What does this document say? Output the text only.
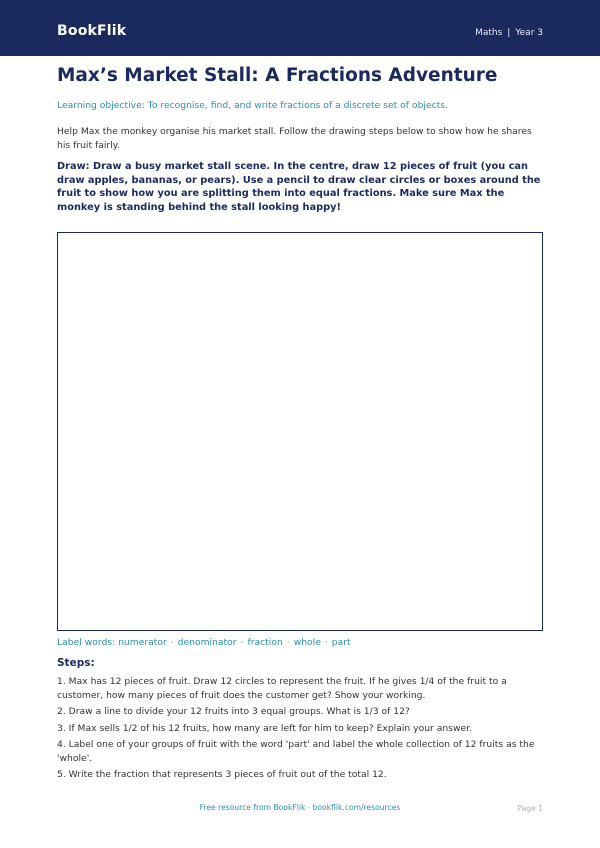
BookFlik	Maths | Year 3
Max’s Market Stall: A Fractions Adventure
Learning objective: To recognise, find, and write fractions of a discrete set of objects.
Help Max the monkey organise his market stall. Follow the drawing steps below to show how he shares his fruit fairly.
Draw: Draw a busy market stall scene. In the centre, draw 12 pieces of fruit (you can draw apples, bananas, or pears). Use a pencil to draw clear circles or boxes around the fruit to show how you are splitting them into equal fractions. Make sure Max the monkey is standing behind the stall looking happy!
Label words: numerator · denominator · fraction · whole · part
Steps:
1. Max has 12 pieces of fruit. Draw 12 circles to represent the fruit. If he gives 1/4 of the fruit to a customer, how many pieces of fruit does the customer get? Show your working.
2. Draw a line to divide your 12 fruits into 3 equal groups. What is 1/3 of 12?
3. If Max sells 1/2 of his 12 fruits, how many are left for him to keep? Explain your answer.
4. Label one of your groups of fruit with the word 'part' and label the whole collection of 12 fruits as the 'whole'.
5. Write the fraction that represents 3 pieces of fruit out of the total 12.
Free resource from BookFlik · bookflik.com/resources	Page 1
